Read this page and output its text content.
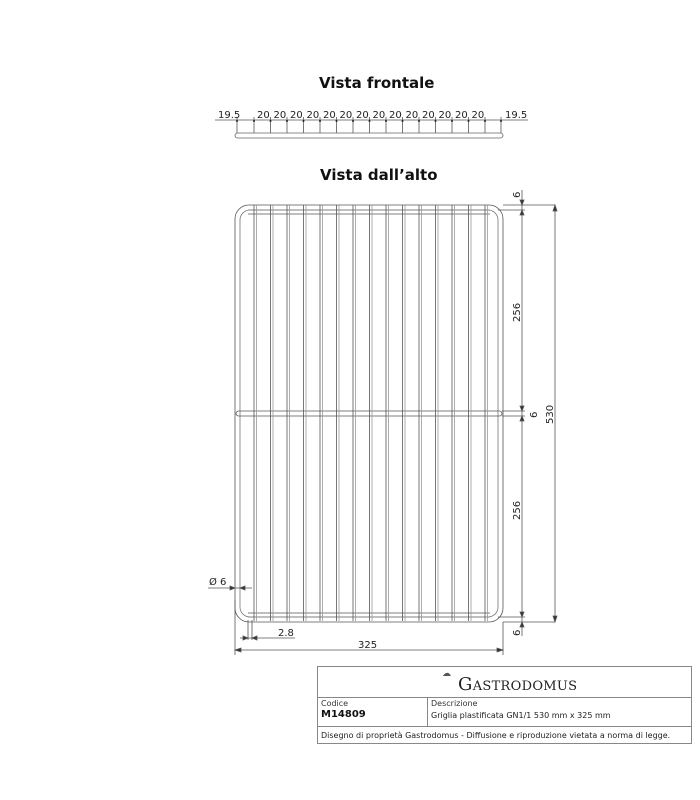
Vista frontale
Vista dall’alto
19.5	19.5
20 20 20 20 20 20 20 20 20 20 20 20 20 20
6
256
6 530
256
6
Ø 6
2.8
325
☁ GASTRODOMUS
Codice
M14809
Descrizione
Griglia plastificata GN1/1 530 mm x 325 mm
Disegno di proprietà Gastrodomus - Diffusione e riproduzione vietata a norma di legge.
